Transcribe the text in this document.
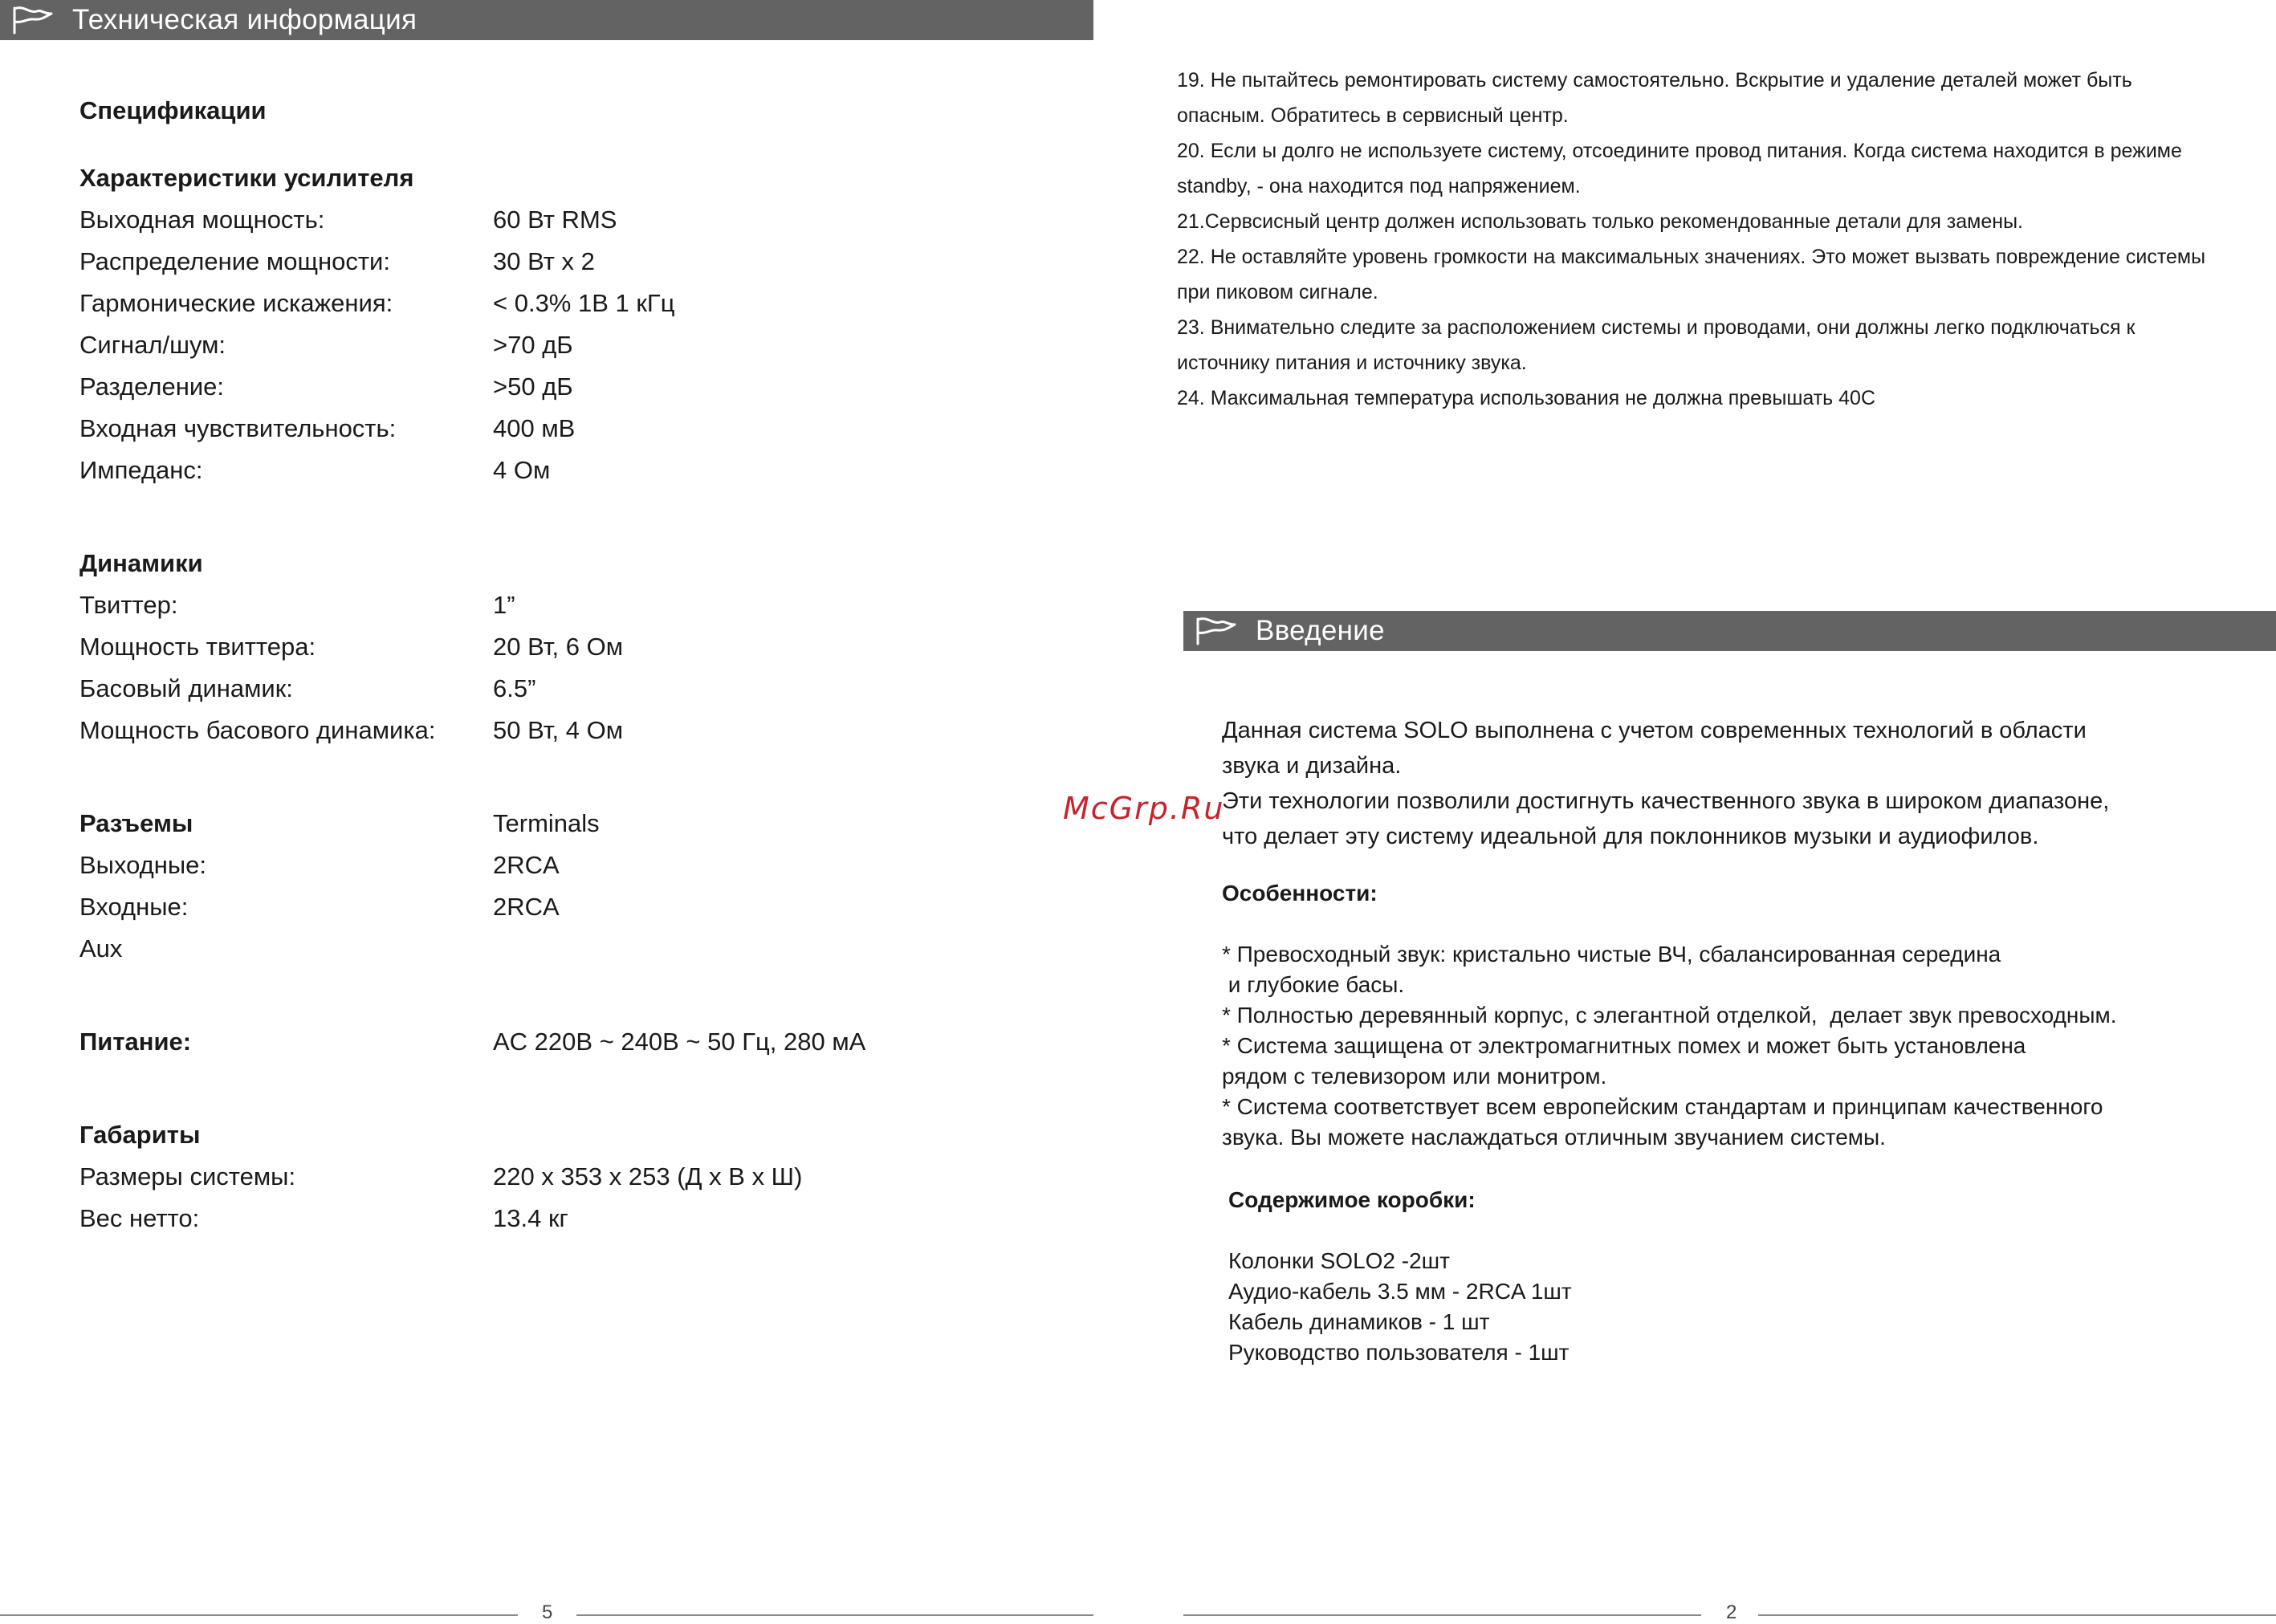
Техническая информация

Спецификации

Характеристики усилителя
Выходная мощность:	60 Вт RMS
Распределение мощности:	30 Вт x 2
Гармонические искажения:	< 0.3% 1В 1 кГц
Сигнал/шум:	>70 дБ
Разделение:	>50 дБ
Входная чувствительность:	400 мВ
Импеданс:	4 Ом
Динамики
Твиттер:	1”
Мощность твиттера:	20 Вт, 6 Ом
Басовый динамик:	6.5”
Мощность басового динамика:	50 Вт, 4 Ом
Разъемы	Terminals
Выходные:	2RCA
Входные:	2RCA
Aux
Питание:	AC 220В ~ 240В ~ 50 Гц, 280 мА
Габариты
Размеры системы:	220 x 353 x 253 (Д x В x Ш)
Вес нетто:	13.4 кг
5

19. Не пытайтесь ремонтировать систему самостоятельно. Вскрытие и удаление деталей может быть

опасным. Обратитесь в сервисный центр.

20. Если ы долго не используете систему, отсоедините провод питания. Когда система находится в режиме

standby, - она находится под напряжением.

21.Сервсисный центр должен использовать только рекомендованные детали для замены.

22. Не оставляйте уровень громкости на максимальных значениях. Это может вызвать повреждение системы

при пиковом сигнале.

23. Внимательно следите за расположением системы и проводами, они должны легко подключаться к

источнику питания и источнику звука.

24. Максимальная температура использования не должна превышать 40С

Введение

Данная система SOLO выполнена с учетом современных технологий в области

звука и дизайна.

Эти технологии позволили достигнуть качественного звука в широком диапазоне,

что делает эту систему идеальной для поклонников музыки и аудиофилов.

Особенности:

* Превосходный звук: кристально чистые ВЧ, сбалансированная середина

и глубокие басы.

* Полностью деревянный корпус, с элегантной отделкой,  делает звук превосходным.

* Система защищена от электромагнитных помех и может быть установлена

рядом с телевизором или монитром.

* Система соответствует всем европейским стандартам и принципам качественного

звука. Вы можете наслаждаться отличным звучанием системы.

Содержимое коробки:

Колонки SOLO2 -2шт

Аудио-кабель 3.5 мм - 2RCA 1шт

Кабель динамиков - 1 шт

Руководство пользователя - 1шт

McGrp.Ru
2
